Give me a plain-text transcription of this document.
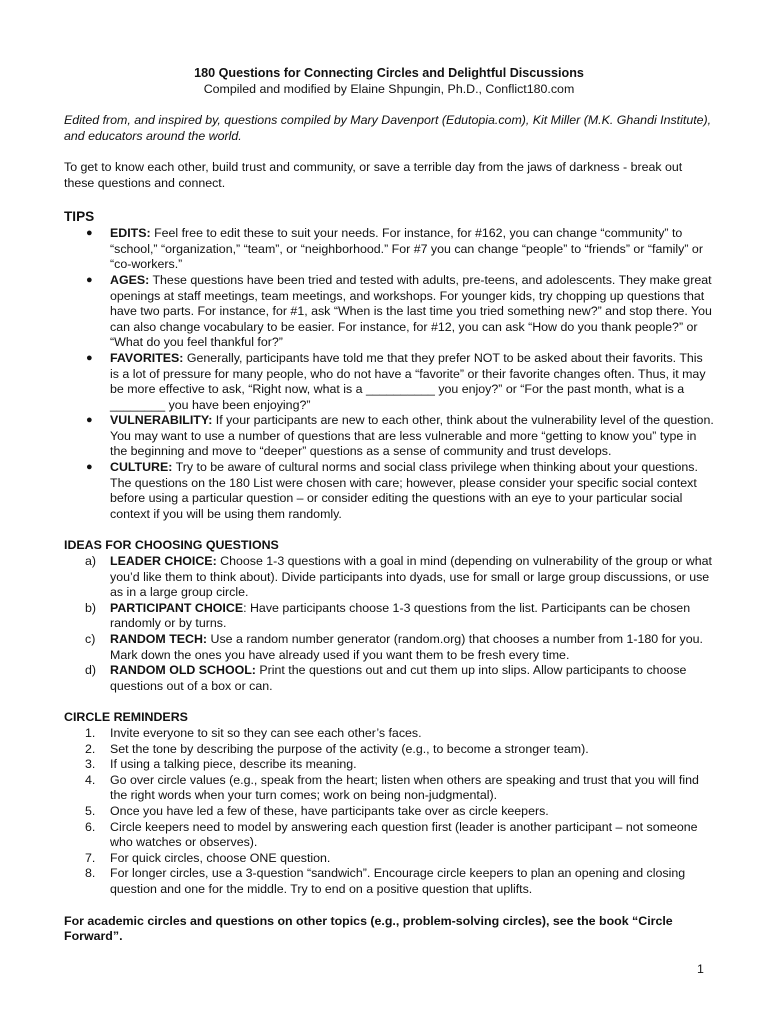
180 Questions for Connecting Circles and Delightful Discussions

Compiled and modified by Elaine Shpungin, Ph.D., Conflict180.com

Edited from, and inspired by, questions compiled by Mary Davenport (Edutopia.com), Kit Miller (M.K. Ghandi Institute), and educators around the world.

To get to know each other, build trust and community, or save a terrible day from the jaws of darkness - break out these questions and connect.

TIPS
● EDITS: Feel free to edit these to suit your needs. For instance, for #162, you can change “community” to “school,” “organization,” “team”, or “neighborhood.” For #7 you can change “people” to “friends” or “family” or “co-workers.”
● AGES: These questions have been tried and tested with adults, pre-teens, and adolescents. They make great openings at staff meetings, team meetings, and workshops. For younger kids, try chopping up questions that have two parts. For instance, for #1, ask “When is the last time you tried something new?” and stop there. You can also change vocabulary to be easier. For instance, for #12, you can ask “How do you thank people?” or “What do you feel thankful for?”
● FAVORITES: Generally, participants have told me that they prefer NOT to be asked about their favorits. This is a lot of pressure for many people, who do not have a “favorite” or their favorite changes often. Thus, it may be more effective to ask, “Right now, what is a __________ you enjoy?” or “For the past month, what is a ________ you have been enjoying?”
● VULNERABILITY: If your participants are new to each other, think about the vulnerability level of the question. You may want to use a number of questions that are less vulnerable and more “getting to know you” type in the beginning and move to “deeper” questions as a sense of community and trust develops.
● CULTURE: Try to be aware of cultural norms and social class privilege when thinking about your questions. The questions on the 180 List were chosen with care; however, please consider your specific social context before using a particular question – or consider editing the questions with an eye to your particular social context if you will be using them randomly.
IDEAS FOR CHOOSING QUESTIONS
a) LEADER CHOICE: Choose 1-3 questions with a goal in mind (depending on vulnerability of the group or what you’d like them to think about). Divide participants into dyads, use for small or large group discussions, or use as in a large group circle.
b) PARTICIPANT CHOICE: Have participants choose 1-3 questions from the list. Participants can be chosen randomly or by turns.
c) RANDOM TECH: Use a random number generator (random.org) that chooses a number from 1-180 for you. Mark down the ones you have already used if you want them to be fresh every time.
d) RANDOM OLD SCHOOL: Print the questions out and cut them up into slips. Allow participants to choose questions out of a box or can.
CIRCLE REMINDERS
1. Invite everyone to sit so they can see each other’s faces.
2. Set the tone by describing the purpose of the activity (e.g., to become a stronger team).
3. If using a talking piece, describe its meaning.
4. Go over circle values (e.g., speak from the heart; listen when others are speaking and trust that you will find the right words when your turn comes; work on being non-judgmental).
5. Once you have led a few of these, have participants take over as circle keepers.
6. Circle keepers need to model by answering each question first (leader is another participant – not someone who watches or observes).
7. For quick circles, choose ONE question.
8. For longer circles, use a 3-question “sandwich”. Encourage circle keepers to plan an opening and closing question and one for the middle. Try to end on a positive question that uplifts.

For academic circles and questions on other topics (e.g., problem-solving circles), see the book “Circle Forward”.

1
